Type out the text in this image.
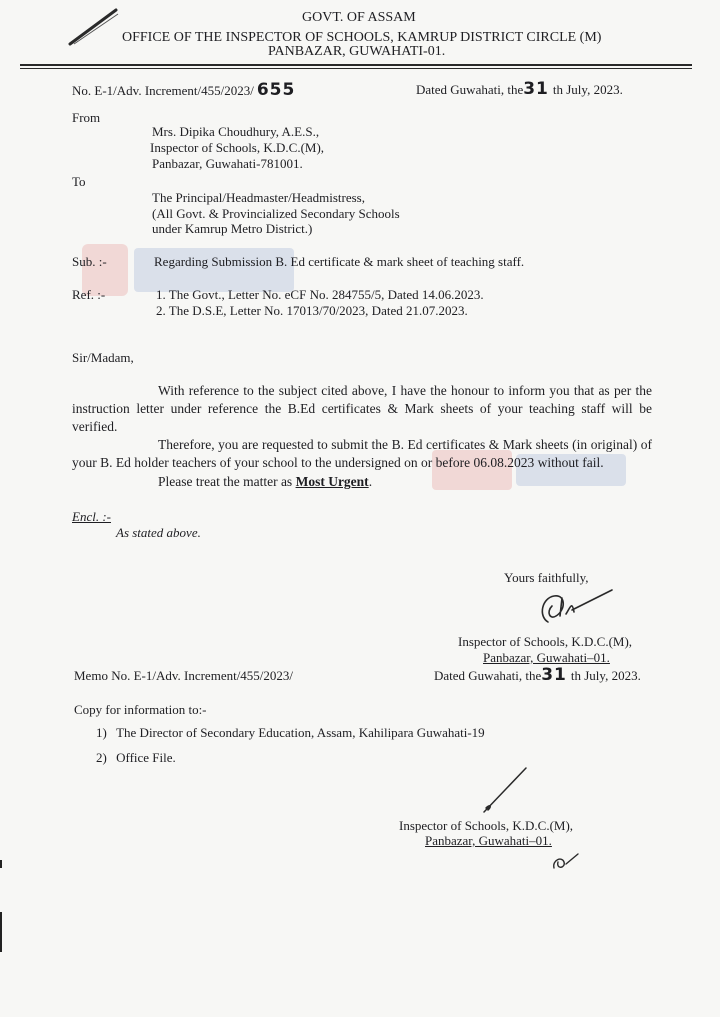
GOVT. OF ASSAM
OFFICE OF THE INSPECTOR OF SCHOOLS, KAMRUP DISTRICT CIRCLE (M)
PANBAZAR, GUWAHATI-01.
No. E-1/Adv. Increment/455/2023/ 655	Dated Guwahati, the31 th July, 2023.
From
Mrs. Dipika Choudhury, A.E.S.,
Inspector of Schools, K.D.C.(M),
Panbazar, Guwahati-781001.
To
The Principal/Headmaster/Headmistress,
(All Govt. & Provincialized Secondary Schools
under Kamrup Metro District.)
Sub. :-	Regarding Submission B. Ed certificate & mark sheet of teaching staff.
Ref. :-	1. The Govt., Letter No. eCF No. 284755/5, Dated 14.06.2023.
2. The D.S.E, Letter No. 17013/70/2023, Dated 21.07.2023.
Sir/Madam,
With reference to the subject cited above, I have the honour to inform you that as per the instruction letter under reference the B.Ed certificates & Mark sheets of your teaching staff will be verified.
Therefore, you are requested to submit the B. Ed certificates & Mark sheets (in original) of your B. Ed holder teachers of your school to the undersigned on or before 06.08.2023 without fail.
Please treat the matter as Most Urgent.
Encl. :-
As stated above.
Yours faithfully,
Inspector of Schools, K.D.C.(M),
Panbazar, Guwahati–01.
Memo No. E-1/Adv. Increment/455/2023/	Dated Guwahati, the31 th July, 2023.
Copy for information to:-
1) The Director of Secondary Education, Assam, Kahilipara Guwahati-19
2) Office File.
Inspector of Schools, K.D.C.(M),
Panbazar, Guwahati–01.
